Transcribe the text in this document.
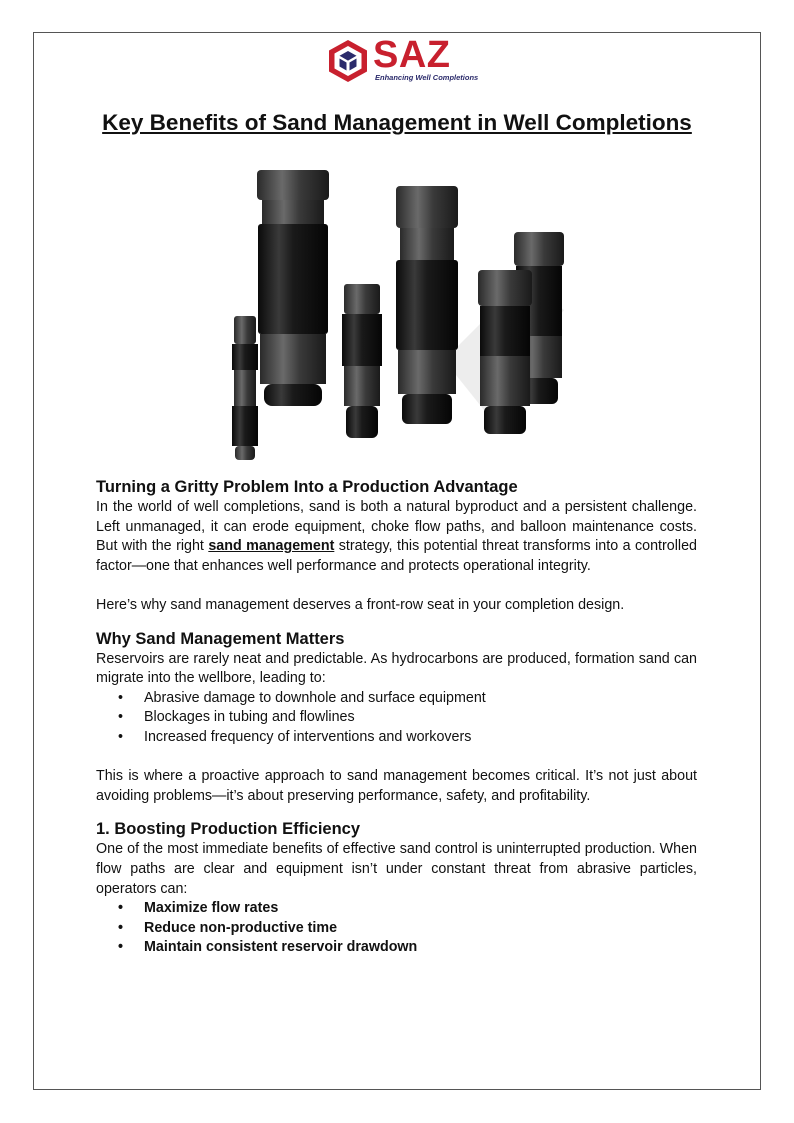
SAZ
Enhancing Well Completions
Key Benefits of Sand Management in Well Completions
Turning a Gritty Problem Into a Production Advantage

In the world of well completions, sand is both a natural byproduct and a persistent challenge. Left unmanaged, it can erode equipment, choke flow paths, and balloon maintenance costs. But with the right sand management strategy, this potential threat transforms into a controlled factor—one that enhances well performance and protects operational integrity.

Here’s why sand management deserves a front-row seat in your completion design.

Why Sand Management Matters

Reservoirs are rarely neat and predictable. As hydrocarbons are produced, formation sand can migrate into the wellbore, leading to:

• Abrasive damage to downhole and surface equipment
• Blockages in tubing and flowlines
• Increased frequency of interventions and workovers

This is where a proactive approach to sand management becomes critical. It’s not just about avoiding problems—it’s about preserving performance, safety, and profitability.

1. Boosting Production Efficiency

One of the most immediate benefits of effective sand control is uninterrupted production. When flow paths are clear and equipment isn’t under constant threat from abrasive particles, operators can:

• Maximize flow rates
• Reduce non-productive time
• Maintain consistent reservoir drawdown
